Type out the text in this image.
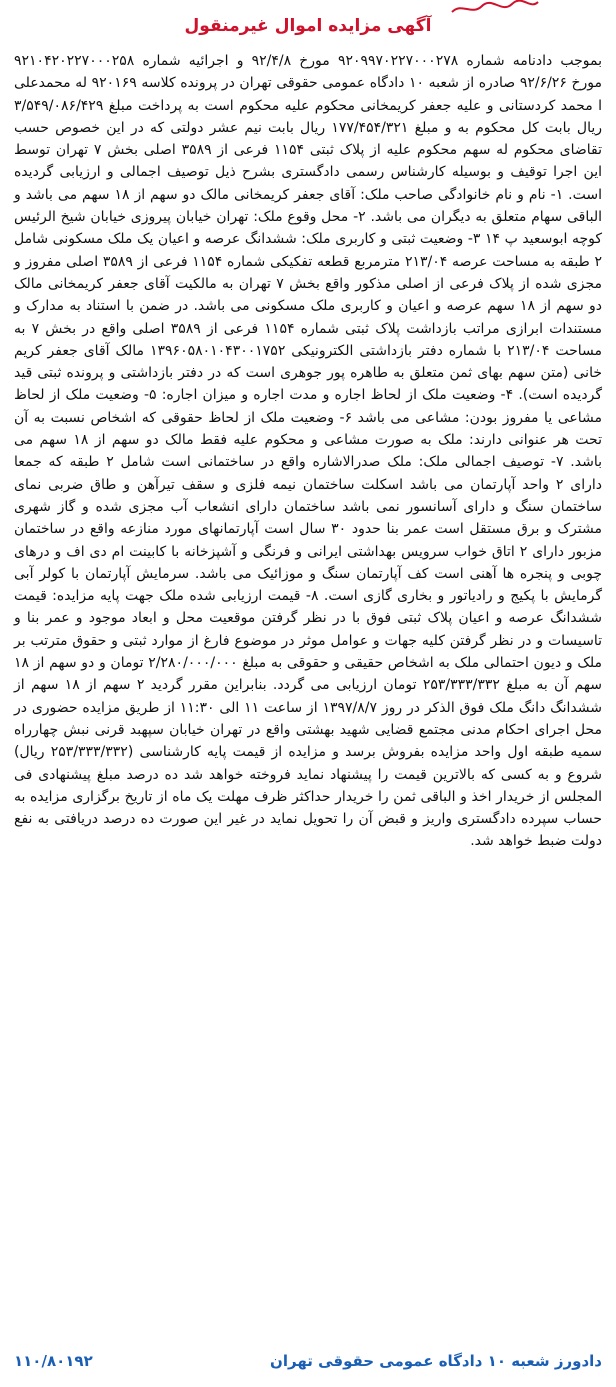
آگهی مزایده اموال غیرمنقول

بموجب دادنامه شماره ۹۲۰۹۹۷۰۲۲۷۰۰۰۲۷۸ مورخ ۹۲/۴/۸ و اجرائیه شماره ۹۲۱۰۴۲۰۲۲۷۰۰۰۲۵۸ مورخ ۹۲/۶/۲۶ صادره از شعبه ۱۰ دادگاه عمومی حقوقی تهران در پرونده کلاسه ۹۲۰۱۶۹ له محمدعلی ا محمد کردستانی و علیه جعفر کریمخانی محکوم علیه محکوم است به پرداخت مبلغ ۳/۵۴۹/۰۸۶/۴۲۹ ریال بابت کل محکوم به و مبلغ ۱۷۷/۴۵۴/۳۲۱ ریال بابت نیم عشر دولتی که در این خصوص حسب تقاضای محکوم له سهم محکوم علیه از پلاک ثبتی ۱۱۵۴ فرعی از ۳۵۸۹ اصلی بخش ۷ تهران توسط این اجرا توقیف و بوسیله کارشناس رسمی دادگستری بشرح ذیل توصیف اجمالی و ارزیابی گردیده است. ۱- نام و نام خانوادگی صاحب ملک: آقای جعفر کریمخانی مالک دو سهم از ۱۸ سهم می باشد و الباقی سهام متعلق به دیگران می باشد. ۲- محل وقوع ملک: تهران خیابان پیروزی خیابان شیخ الرئیس کوچه ابوسعید پ ۱۴ ۳- وضعیت ثبتی و کاربری ملک: ششدانگ عرصه و اعیان یک ملک مسکونی شامل ۲ طبقه به مساحت عرصه ۲۱۳/۰۴ مترمربع قطعه تفکیکی شماره ۱۱۵۴ فرعی از ۳۵۸۹ اصلی مفروز و مجزی شده از پلاک فرعی از اصلی مذکور واقع بخش ۷ تهران به مالکیت آقای جعفر کریمخانی مالک دو سهم از ۱۸ سهم عرصه و اعیان و کاربری ملک مسکونی می باشد. در ضمن با استناد به مدارک و مستندات ابرازی مراتب بازداشت پلاک ثبتی شماره ۱۱۵۴ فرعی از ۳۵۸۹ اصلی واقع در بخش ۷ به مساحت ۲۱۳/۰۴ با شماره دفتر بازداشتی الکترونیکی ۱۳۹۶۰۵۸۰۱۰۴۳۰۰۱۷۵۲ مالک آقای جعفر کریم خانی (متن سهم بهای ثمن متعلق به طاهره پور جوهری است که در دفتر بازداشتی و پرونده ثبتی قید گردیده است). ۴- وضعیت ملک از لحاظ اجاره و مدت اجاره و میزان اجاره: ۵- وضعیت ملک از لحاظ مشاعی یا مفروز بودن: مشاعی می باشد ۶- وضعیت ملک از لحاظ حقوقی که اشخاص نسبت به آن تحت هر عنوانی دارند: ملک به صورت مشاعی و محکوم علیه فقط مالک دو سهم از ۱۸ سهم می باشد. ۷- توصیف اجمالی ملک: ملک صدرالاشاره واقع در ساختمانی است شامل ۲ طبقه که جمعا دارای ۲ واحد آپارتمان می باشد اسکلت ساختمان نیمه فلزی و سقف تیرآهن و طاق ضربی نمای ساختمان سنگ و دارای آسانسور نمی باشد ساختمان دارای انشعاب آب مجزی شده و گاز شهری مشترک و برق مستقل است عمر بنا حدود ۳۰ سال است آپارتمانهای مورد منازعه واقع در ساختمان مزبور دارای ۲ اتاق خواب سرویس بهداشتی ایرانی و فرنگی و آشپزخانه با کابینت ام دی اف و درهای چوبی و پنجره ها آهنی است کف آپارتمان سنگ و موزائیک می باشد. سرمایش آپارتمان با کولر آبی گرمایش با پکیج و رادیاتور و بخاری گازی است. ۸- قیمت ارزیابی شده ملک جهت پایه مزایده: قیمت ششدانگ عرصه و اعیان پلاک ثبتی فوق با در نظر گرفتن موقعیت محل و ابعاد موجود و عمر بنا و تاسیسات و در نظر گرفتن کلیه جهات و عوامل موثر در موضوع فارغ از موارد ثبتی و حقوق مترتب بر ملک و دیون احتمالی ملک به اشخاص حقیقی و حقوقی به مبلغ ۲/۲۸۰/۰۰۰/۰۰۰ تومان و دو سهم از ۱۸ سهم آن به مبلغ ۲۵۳/۳۳۳/۳۳۲ تومان ارزیابی می گردد. بنابراین مقرر گردید ۲ سهم از ۱۸ سهم از ششدانگ دانگ ملک فوق الذکر در روز ۱۳۹۷/۸/۷ از ساعت ۱۱ الی ۱۱:۳۰ از طریق مزایده حضوری در محل اجرای احکام مدنی مجتمع قضایی شهید بهشتی واقع در تهران خیابان سپهبد قرنی نبش چهارراه سمیه طبقه اول واحد مزایده بفروش برسد و مزایده از قیمت پایه کارشناسی (۲۵۳/۳۳۳/۳۳۲ ریال) شروع و به کسی که بالاترین قیمت را پیشنهاد نماید فروخته خواهد شد ده درصد مبلغ پیشنهادی فی المجلس از خریدار اخذ و الباقی ثمن را خریدار حداکثر ظرف مهلت یک ماه از تاریخ برگزاری مزایده به حساب سپرده دادگستری واریز و قبض آن را تحویل نماید در غیر این صورت ده درصد دریافتی به نفع دولت ضبط خواهد شد.

دادورز شعبه ۱۰ دادگاه عمومی حقوقی تهران
۱۱۰/۸۰۱۹۲
